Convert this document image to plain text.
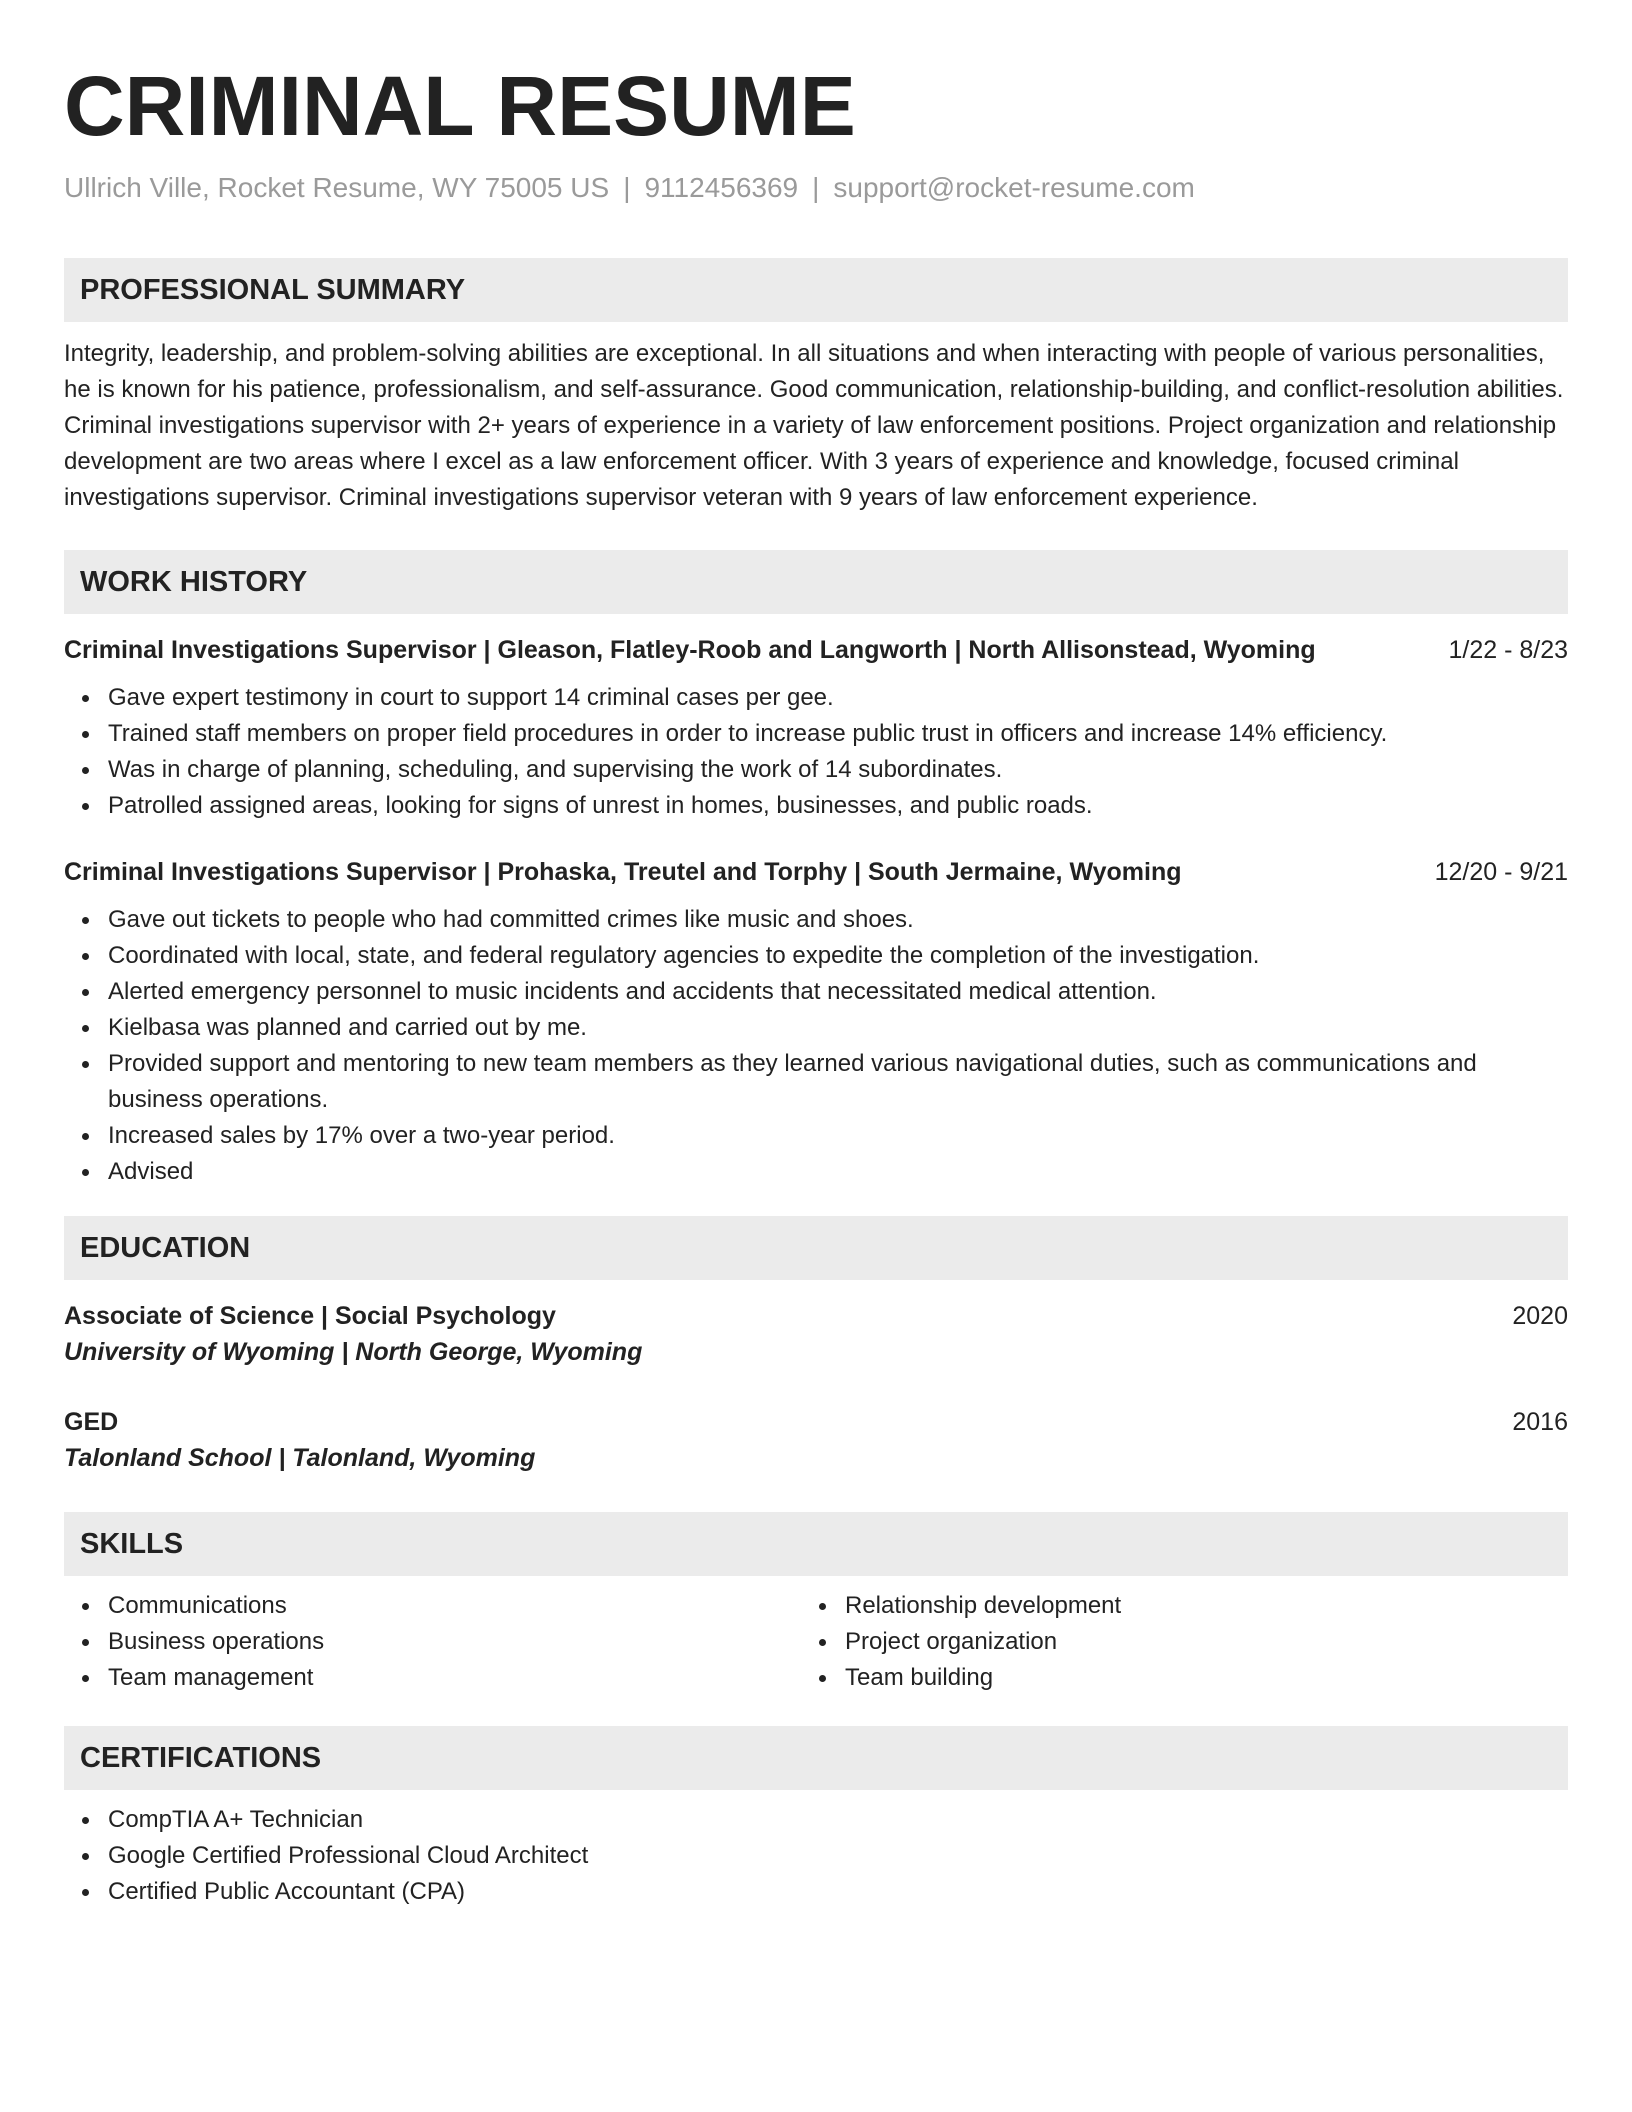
CRIMINAL RESUME
Ullrich Ville, Rocket Resume, WY 75005 US | 9112456369 | support@rocket-resume.com
PROFESSIONAL SUMMARY

Integrity, leadership, and problem-solving abilities are exceptional. In all situations and when interacting with people of various personalities, he is known for his patience, professionalism, and self-assurance. Good communication, relationship-building, and conflict-resolution abilities. Criminal investigations supervisor with 2+ years of experience in a variety of law enforcement positions. Project organization and relationship development are two areas where I excel as a law enforcement officer. With 3 years of experience and knowledge, focused criminal investigations supervisor. Criminal investigations supervisor veteran with 9 years of law enforcement experience.

WORK HISTORY
Criminal Investigations Supervisor | Gleason, Flatley-Roob and Langworth | North Allisonstead, Wyoming	1/22 - 8/23
Gave expert testimony in court to support 14 criminal cases per gee.
Trained staff members on proper field procedures in order to increase public trust in officers and increase 14% efficiency.
Was in charge of planning, scheduling, and supervising the work of 14 subordinates.
Patrolled assigned areas, looking for signs of unrest in homes, businesses, and public roads.
Criminal Investigations Supervisor | Prohaska, Treutel and Torphy | South Jermaine, Wyoming	12/20 - 9/21
Gave out tickets to people who had committed crimes like music and shoes.
Coordinated with local, state, and federal regulatory agencies to expedite the completion of the investigation.
Alerted emergency personnel to music incidents and accidents that necessitated medical attention.
Kielbasa was planned and carried out by me.
Provided support and mentoring to new team members as they learned various navigational duties, such as communications and business operations.
Increased sales by 17% over a two-year period.
Advised
EDUCATION
Associate of Science | Social Psychology	2020
University of Wyoming | North George, Wyoming
GED	2016
Talonland School | Talonland, Wyoming
SKILLS
Communications
Business operations
Team management
Relationship development
Project organization
Team building
CERTIFICATIONS
CompTIA A+ Technician
Google Certified Professional Cloud Architect
Certified Public Accountant (CPA)
